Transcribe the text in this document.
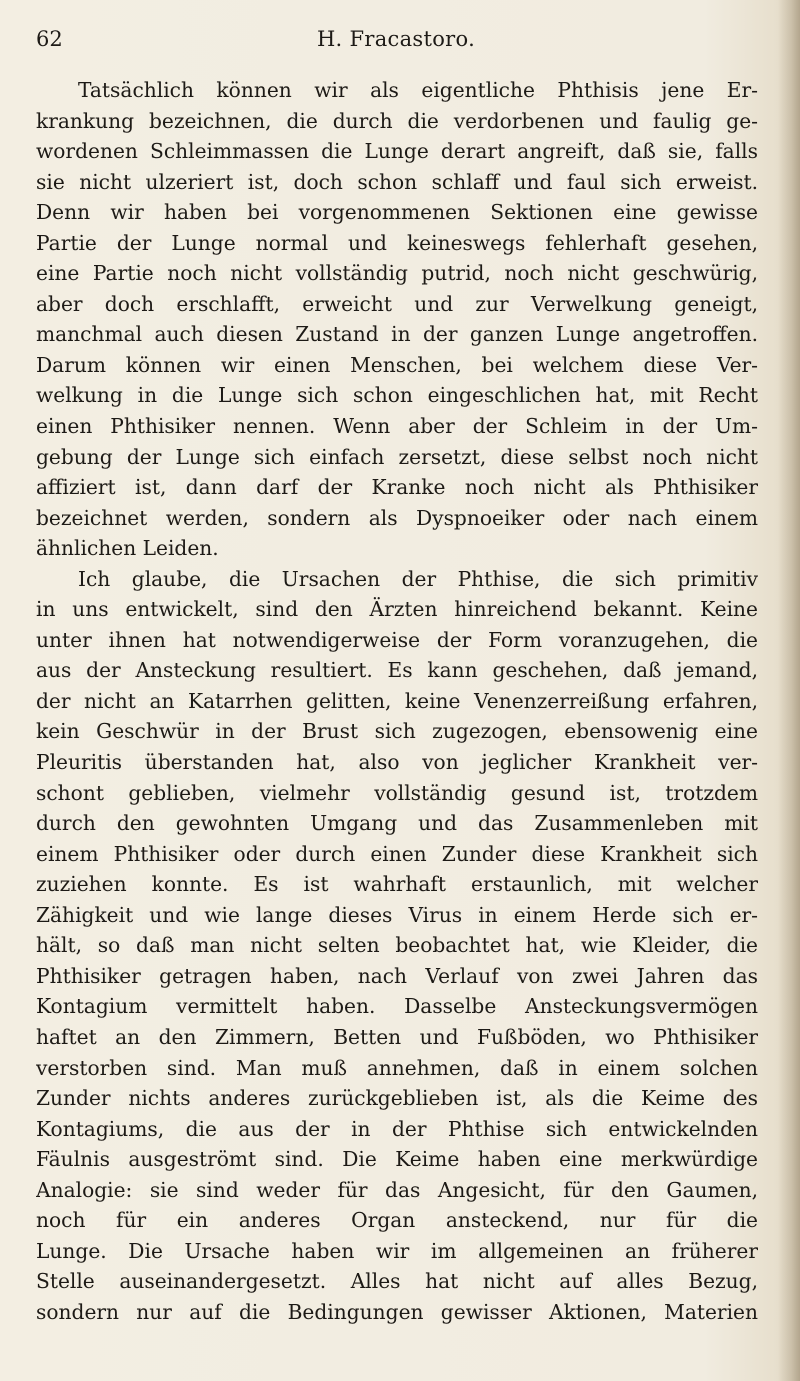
62	H. Fracastoro.
Tatsächlich können wir als eigentliche Phthisis jene Er-
krankung bezeichnen, die durch die verdorbenen und faulig ge-
wordenen Schleimmassen die Lunge derart angreift, daß sie, falls
sie nicht ulzeriert ist, doch schon schlaff und faul sich erweist.
Denn wir haben bei vorgenommenen Sektionen eine gewisse
Partie der Lunge normal und keineswegs fehlerhaft gesehen,
eine Partie noch nicht vollständig putrid, noch nicht geschwürig,
aber doch erschlafft, erweicht und zur Verwelkung geneigt,
manchmal auch diesen Zustand in der ganzen Lunge angetroffen.
Darum können wir einen Menschen, bei welchem diese Ver-
welkung in die Lunge sich schon eingeschlichen hat, mit Recht
einen Phthisiker nennen. Wenn aber der Schleim in der Um-
gebung der Lunge sich einfach zersetzt, diese selbst noch nicht
affiziert ist, dann darf der Kranke noch nicht als Phthisiker
bezeichnet werden, sondern als Dyspnoeiker oder nach einem
ähnlichen Leiden.
Ich glaube, die Ursachen der Phthise, die sich primitiv
in uns entwickelt, sind den Ärzten hinreichend bekannt. Keine
unter ihnen hat notwendigerweise der Form voranzugehen, die
aus der Ansteckung resultiert. Es kann geschehen, daß jemand,
der nicht an Katarrhen gelitten, keine Venenzerreißung erfahren,
kein Geschwür in der Brust sich zugezogen, ebensowenig eine
Pleuritis überstanden hat, also von jeglicher Krankheit ver-
schont geblieben, vielmehr vollständig gesund ist, trotzdem
durch den gewohnten Umgang und das Zusammenleben mit
einem Phthisiker oder durch einen Zunder diese Krankheit sich
zuziehen konnte. Es ist wahrhaft erstaunlich, mit welcher
Zähigkeit und wie lange dieses Virus in einem Herde sich er-
hält, so daß man nicht selten beobachtet hat, wie Kleider, die
Phthisiker getragen haben, nach Verlauf von zwei Jahren das
Kontagium vermittelt haben. Dasselbe Ansteckungsvermögen
haftet an den Zimmern, Betten und Fußböden, wo Phthisiker
verstorben sind. Man muß annehmen, daß in einem solchen
Zunder nichts anderes zurückgeblieben ist, als die Keime des
Kontagiums, die aus der in der Phthise sich entwickelnden
Fäulnis ausgeströmt sind. Die Keime haben eine merkwürdige
Analogie: sie sind weder für das Angesicht, für den Gaumen,
noch für ein anderes Organ ansteckend, nur für die
Lunge. Die Ursache haben wir im allgemeinen an früherer
Stelle auseinandergesetzt. Alles hat nicht auf alles Bezug,
sondern nur auf die Bedingungen gewisser Aktionen, Materien
